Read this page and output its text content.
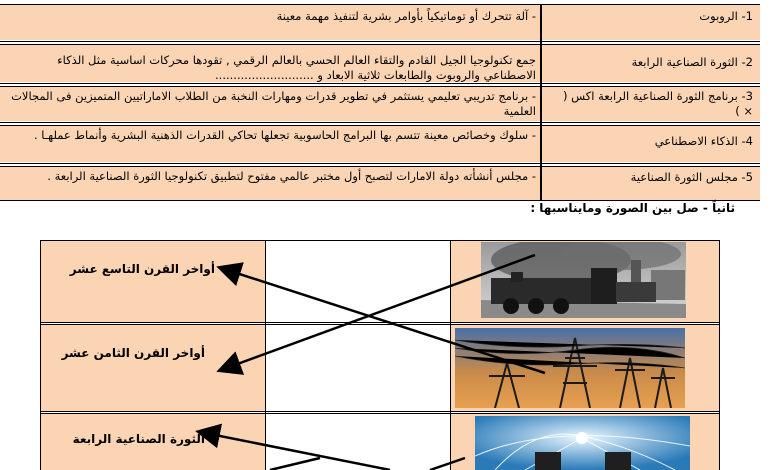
1- الروبوت
- آلة تتحرك أو توماتيكياً بأوامر بشرية لتنفيذ مهمة معينة
2- الثورة الصناعية الرابعة
جمع تكنولوجيا الجيل القادم والتقاء العالم الحسي بالعالم الرقمي , تقودها محركات اساسية مثل الذكاء الاصطناعي والروبوت والطابعات ثلاثية الابعاد و ...........................
3- برنامج الثورة الصناعية الرابعة اكس ( × )
- برنامج تدريبي تعليمي يستثمر في تطوير قدرات ومهارات النخبة من الطلاب الاماراتيين المتميزين فى المجالات العلمية
4- الذكاء الاصطناعي
- سلوك وخصائص معينة تتسم بها البرامج الحاسوبية تجعلها تحاكي القدرات الذهنية البشرية وأنماط عملهـا .
5- مجلس الثورة الصناعية
- مجلس أنشأته دولة الامارات لتصبح أول مختبر عالمي مفتوح لتطبيق تكنولوجيا الثورة الصناعية الرابعة .
ثانياً - صل بين الصورة ومايناسبها :
أواخر القرن التاسع عشر
أواخر القرن الثامن عشر
الثورة الصناعية الرابعة
